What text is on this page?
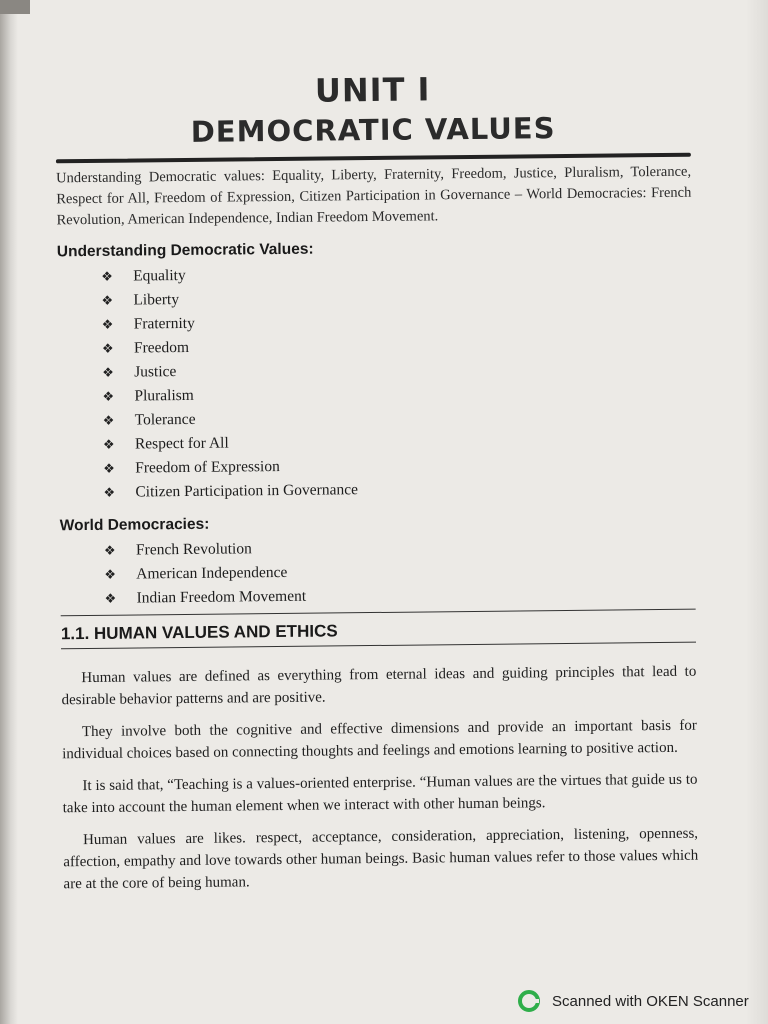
UNIT I
DEMOCRATIC VALUES

Understanding Democratic values: Equality, Liberty, Fraternity, Freedom, Justice, Pluralism, Tolerance, Respect for All, Freedom of Expression, Citizen Participation in Governance – World Democracies: French Revolution, American Independence, Indian Freedom Movement.

Understanding Democratic Values:
❖	Equality
❖	Liberty
❖	Fraternity
❖	Freedom
❖	Justice
❖	Pluralism
❖	Tolerance
❖	Respect for All
❖	Freedom of Expression
❖	Citizen Participation in Governance
World Democracies:
❖	French Revolution
❖	American Independence
❖	Indian Freedom Movement
1.1. HUMAN VALUES AND ETHICS

Human values are defined as everything from eternal ideas and guiding principles that lead to desirable behavior patterns and are positive.

They involve both the cognitive and effective dimensions and provide an important basis for individual choices based on connecting thoughts and feelings and emotions learning to positive action.

It is said that, “Teaching is a values-oriented enterprise. “Human values are the virtues that guide us to take into account the human element when we interact with other human beings.

Human values are likes. respect, acceptance, consideration, appreciation, listening, openness, affection, empathy and love towards other human beings. Basic human values refer to those values which are at the core of being human.

Scanned with OKEN Scanner
